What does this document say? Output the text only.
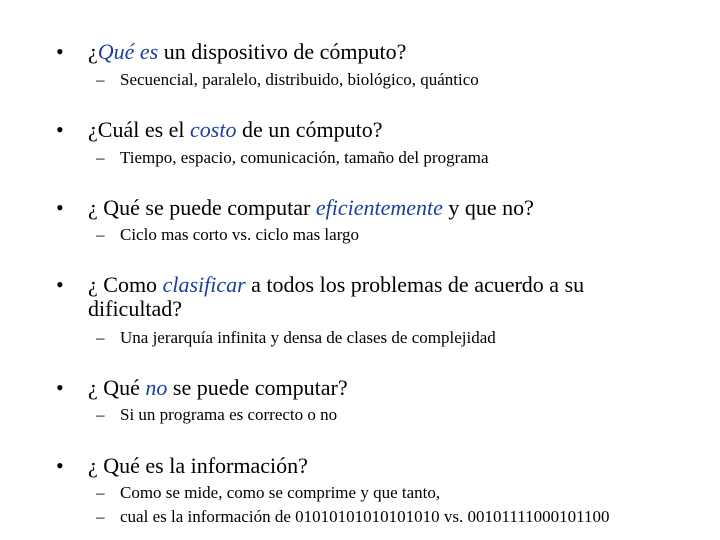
•	¿Qué es un dispositivo de cómputo?
– Secuencial, paralelo, distribuido, biológico, quántico
•	¿Cuál es el costo de un cómputo?
– Tiempo, espacio, comunicación, tamaño del programa
•	¿ Qué se puede computar eficientemente y que no?
– Ciclo mas corto vs. ciclo mas largo
•	¿ Como clasificar a todos los problemas de acuerdo a su dificultad?
– Una jerarquía infinita y densa de clases de complejidad
•	¿ Qué no se puede computar?
– Si un programa es correcto o no
•	¿ Qué es la información?
– Como se mide, como se comprime y que tanto,
– cual es la información de 01010101010101010 vs. 00101111000101100
